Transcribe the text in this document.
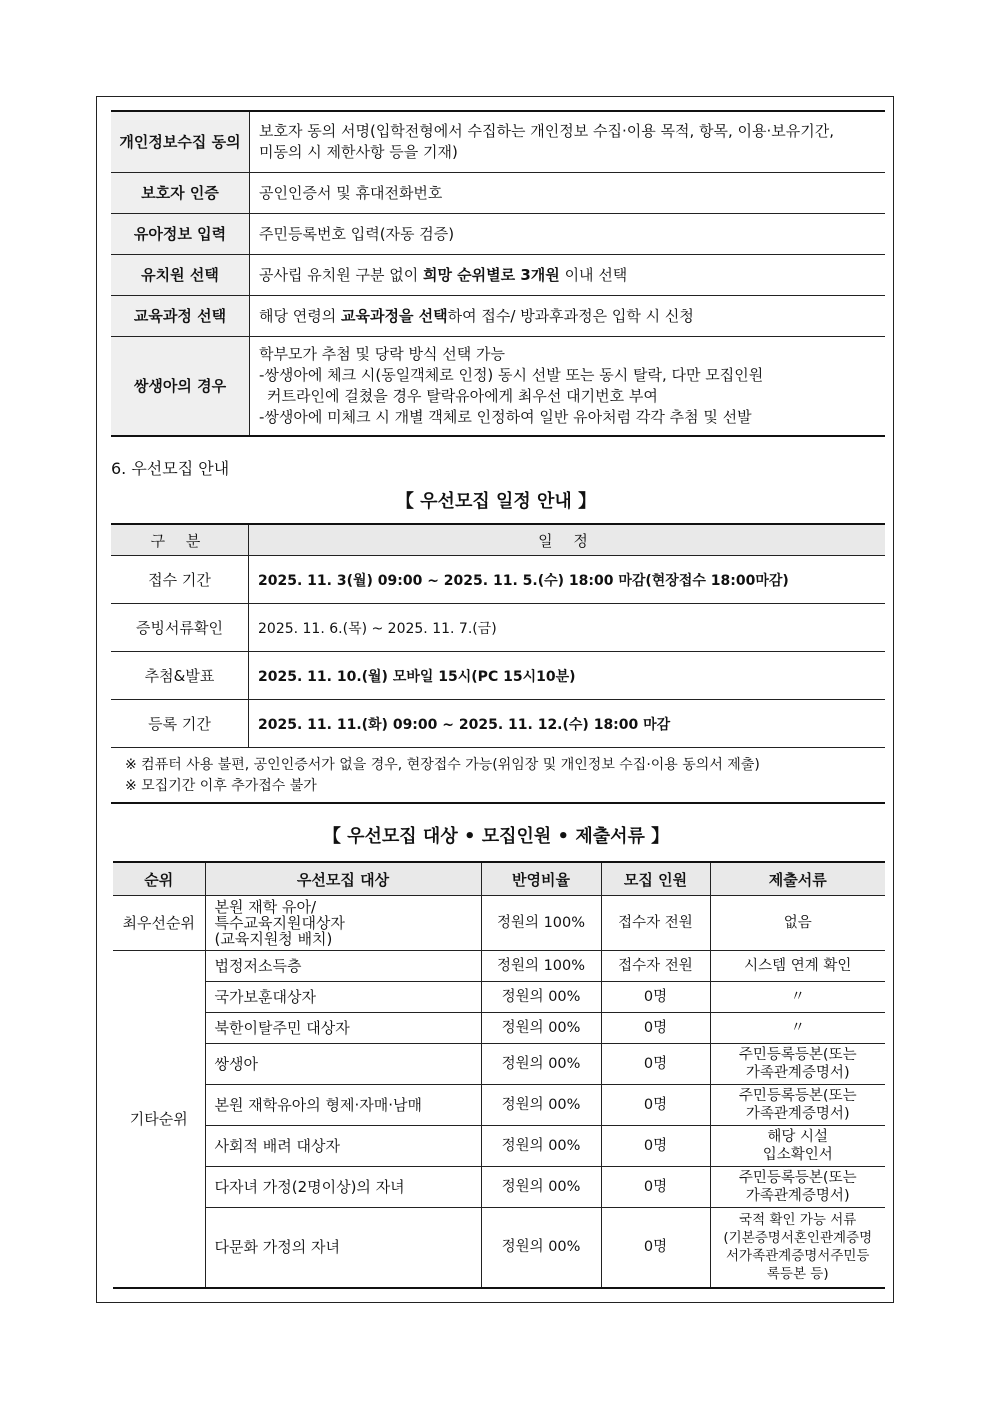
개인정보수집 동의	보호자 동의 서명(입학전형에서 수집하는 개인정보 수집·이용 목적, 항목, 이용·보유기간,
미동의 시 제한사항 등을 기재)

보호자 인증	공인인증서 및 휴대전화번호
유아정보 입력	주민등록번호 입력(자동 검증)
유치원 선택	공사립 유치원 구분 없이 희망 순위별로 3개원 이내 선택
교육과정 선택	해당 연령의 교육과정을 선택하여 접수/ 방과후과정은 입학 시 신청
쌍생아의 경우	학부모가 추첨 및 당락 방식 선택 가능
-쌍생아에 체크 시(동일객체로 인정) 동시 선발 또는 동시 탈락, 다만 모집인원
커트라인에 걸쳤을 경우 탈락유아에게 최우선 대기번호 부여
-쌍생아에 미체크 시 개별 객체로 인정하여 일반 유아처럼 각각 추첨 및 선발
6. 우선모집 안내
【 우선모집 일정 안내 】
구 분	일 정
접수 기간	2025. 11. 3(월) 09:00 ~ 2025. 11. 5.(수) 18:00 마감(현장접수 18:00마감)
증빙서류확인	2025. 11. 6.(목) ~ 2025. 11. 7.(금)
추첨&발표	2025. 11. 10.(월) 모바일 15시(PC 15시10분)
등록 기간	2025. 11. 11.(화) 09:00 ~ 2025. 11. 12.(수) 18:00 마감
※ 컴퓨터 사용 불편, 공인인증서가 없을 경우, 현장접수 가능(위임장 및 개인정보 수집·이용 동의서 제출)
※ 모집기간 이후 추가접수 불가
【 우선모집 대상 • 모집인원 • 제출서류 】
순위	우선모집 대상	반영비율	모집 인원	제출서류
최우선순위	본원 재학 유아/
특수교육지원대상자
(교육지원청 배치)	정원의 100%	접수자 전원	없음
기타순위	법정저소득층	정원의 100%	접수자 전원	시스템 연계 확인
	국가보훈대상자	정원의 00%	0명	〃
	북한이탈주민 대상자	정원의 00%	0명	〃
	쌍생아	정원의 00%	0명	주민등록등본(또는
가족관계증명서)

	본원 재학유아의 형제·자매·남매	정원의 00%	0명	주민등록등본(또는
가족관계증명서)

	사회적 배려 대상자	정원의 00%	0명	해당 시설
입소확인서

	다자녀 가정(2명이상)의 자녀	정원의 00%	0명	주민등록등본(또는
가족관계증명서)

	다문화 가정의 자녀	정원의 00%	0명	국적 확인 가능 서류
(기본증명서혼인관계증명
서가족관계증명서주민등
록등본 등)
